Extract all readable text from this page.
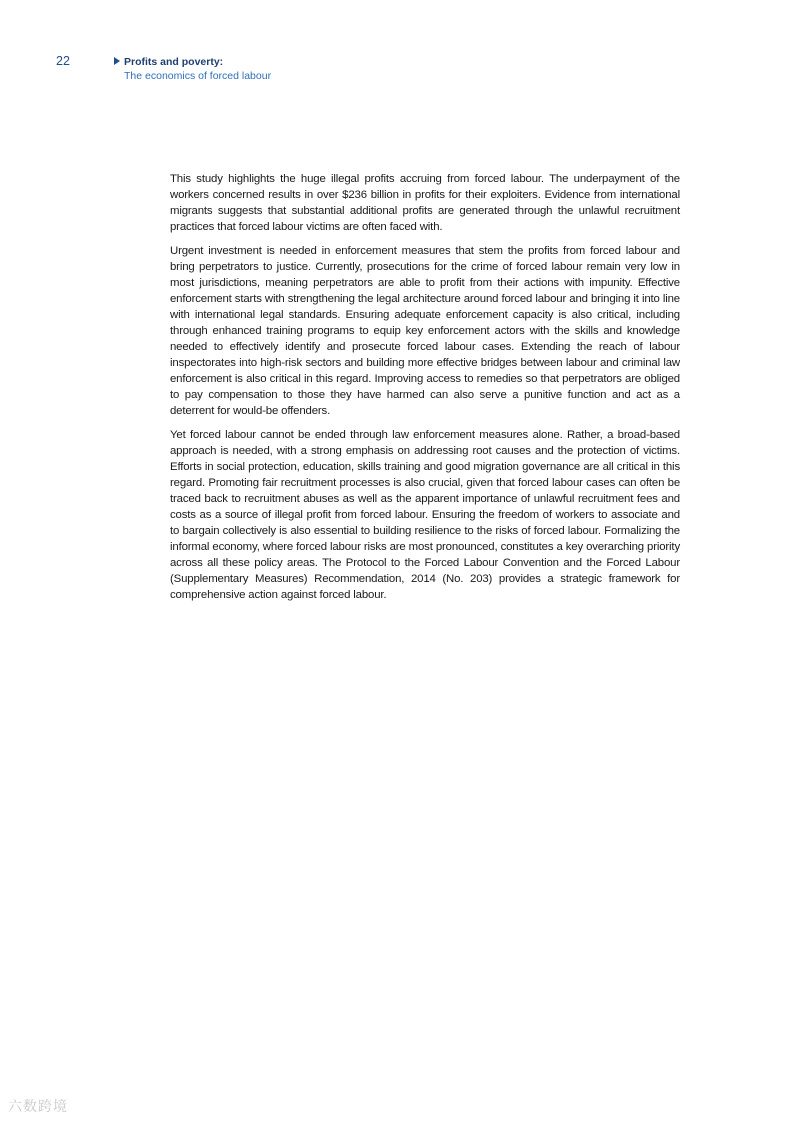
22	Profits and poverty:
The economics of forced labour

This study highlights the huge illegal profits accruing from forced labour. The underpayment of the workers concerned results in over $236 billion in profits for their exploiters. Evidence from international migrants suggests that substantial additional profits are generated through the unlawful recruitment practices that forced labour victims are often faced with.

Urgent investment is needed in enforcement measures that stem the profits from forced labour and bring perpetrators to justice. Currently, prosecutions for the crime of forced labour remain very low in most jurisdictions, meaning perpetrators are able to profit from their actions with impunity. Effective enforcement starts with strengthening the legal architecture around forced labour and bringing it into line with international legal standards. Ensuring adequate enforcement capacity is also critical, including through enhanced training programs to equip key enforcement actors with the skills and knowledge needed to effectively identify and prosecute forced labour cases. Extending the reach of labour inspectorates into high-risk sectors and building more effective bridges between labour and criminal law enforcement is also critical in this regard. Improving access to remedies so that perpetrators are obliged to pay compensation to those they have harmed can also serve a punitive function and act as a deterrent for would-be offenders.

Yet forced labour cannot be ended through law enforcement measures alone. Rather, a broad-based approach is needed, with a strong emphasis on addressing root causes and the protection of victims. Efforts in social protection, education, skills training and good migration governance are all critical in this regard. Promoting fair recruitment processes is also crucial, given that forced labour cases can often be traced back to recruitment abuses as well as the apparent importance of unlawful recruitment fees and costs as a source of illegal profit from forced labour. Ensuring the freedom of workers to associate and to bargain collectively is also essential to building resilience to the risks of forced labour. Formalizing the informal economy, where forced labour risks are most pronounced, constitutes a key overarching priority across all these policy areas. The Protocol to the Forced Labour Convention and the Forced Labour (Supplementary Measures) Recommendation, 2014 (No. 203) provides a strategic framework for comprehensive action against forced labour.

六数跨境
